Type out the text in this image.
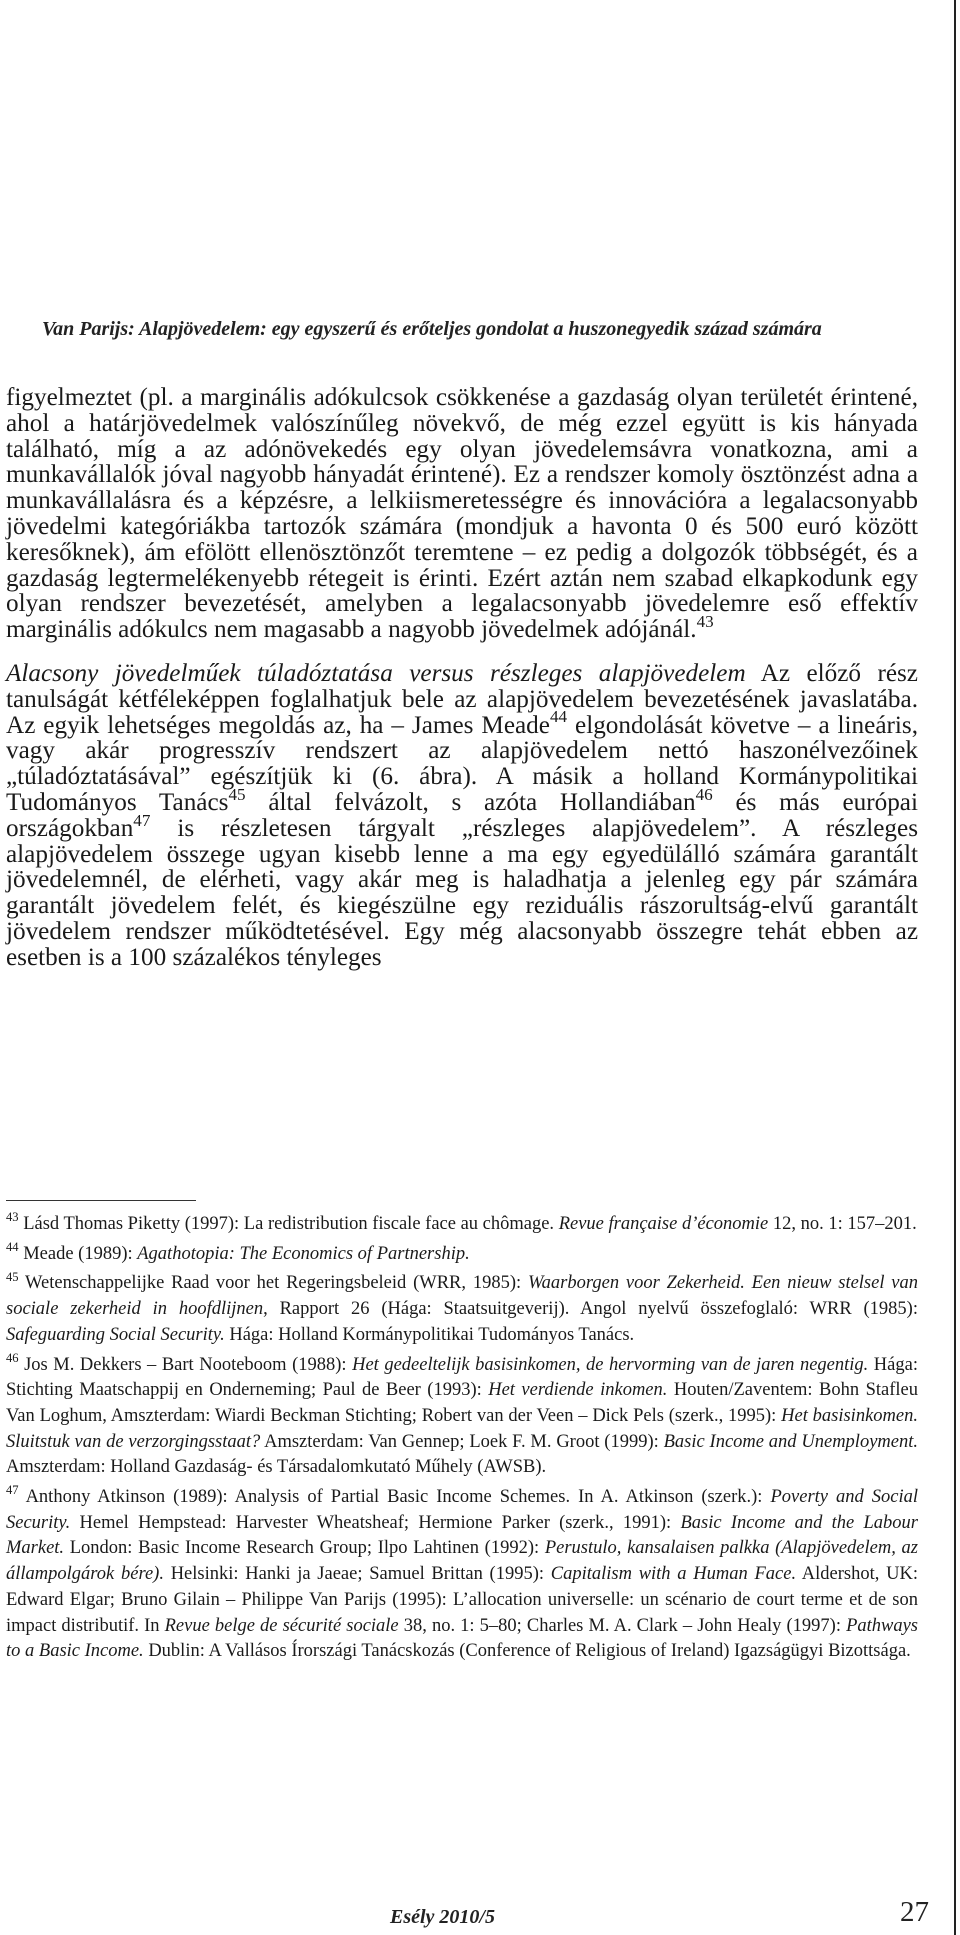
Van Parijs: Alapjövedelem: egy egyszerű és erőteljes gondolat a huszonegyedik század számára

figyelmeztet (pl. a marginális adókulcsok csökkenése a gazdaság olyan területét érintené, ahol a határjövedelmek valószínűleg növekvő, de még ezzel együtt is kis hányada található, míg a az adónövekedés egy olyan jövedelemsávra vonatkozna, ami a munkavállalók jóval nagyobb hányadát érintené). Ez a rendszer komoly ösztönzést adna a munkavállalásra és a képzésre, a lelkiismeretességre és innovációra a legalacsonyabb jövedelmi kategóriákba tartozók számára (mondjuk a havonta 0 és 500 euró között keresőknek), ám efölött ellenösztönzőt teremtene – ez pedig a dolgozók többségét, és a gazdaság legtermelékenyebb rétegeit is érinti. Ezért aztán nem szabad elkapkodunk egy olyan rendszer bevezetését, amelyben a legalacsonyabb jövedelemre eső effektív marginális adókulcs nem magasabb a nagyobb jövedelmek adójánál.$^{43}$

Alacsony jövedelműek túladóztatása versus részleges alapjövedelem Az előző rész tanulságát kétféleképpen foglalhatjuk bele az alapjövedelem bevezetésének javaslatába. Az egyik lehetséges megoldás az, ha – James Meade$^{44}$ elgondolását követve – a lineáris, vagy akár progresszív rendszert az alapjövedelem nettó haszonélvezőinek „túladóztatásával” egészítjük ki (6. ábra). A másik a holland Kormánypolitikai Tudományos Tanács$^{45}$ által felvázolt, s azóta Hollandiában$^{46}$ és más európai országokban$^{47}$ is részletesen tárgyalt „részleges alapjövedelem”. A részleges alapjövedelem összege ugyan kisebb lenne a ma egy egyedülálló számára garantált jövedelemnél, de elérheti, vagy akár meg is haladhatja a jelenleg egy pár számára garantált jövedelem felét, és kiegészülne egy reziduális rászorultság-elvű garantált jövedelem rendszer működtetésével. Egy még alacsonyabb összegre tehát ebben az esetben is a 100 százalékos tényleges

$^{43}$ Lásd Thomas Piketty (1997): La redistribution fiscale face au chômage. Revue française d’économie 12, no. 1: 157–201.

$^{44}$ Meade (1989): Agathotopia: The Economics of Partnership.

$^{45}$ Wetenschappelijke Raad voor het Regeringsbeleid (WRR, 1985): Waarborgen voor Zekerheid. Een nieuw stelsel van sociale zekerheid in hoofdlijnen, Rapport 26 (Hága: Staatsuitgeverij). Angol nyelvű összefoglaló: WRR (1985): Safeguarding Social Security. Hága: Holland Kormánypolitikai Tudományos Tanács.

$^{46}$ Jos M. Dekkers – Bart Nooteboom (1988): Het gedeeltelijk basisinkomen, de hervorming van de jaren negentig. Hága: Stichting Maatschappij en Onderneming; Paul de Beer (1993): Het verdiende inkomen. Houten/Zaventem: Bohn Stafleu Van Loghum, Amszterdam: Wiardi Beckman Stichting; Robert van der Veen – Dick Pels (szerk., 1995): Het basisinkomen. Sluitstuk van de verzorgingsstaat? Amszterdam: Van Gennep; Loek F. M. Groot (1999): Basic Income and Unemployment. Amszterdam: Holland Gazdaság- és Társadalomkutató Műhely (AWSB).

$^{47}$ Anthony Atkinson (1989): Analysis of Partial Basic Income Schemes. In A. Atkinson (szerk.): Poverty and Social Security. Hemel Hempstead: Harvester Wheatsheaf; Hermione Parker (szerk., 1991): Basic Income and the Labour Market. London: Basic Income Research Group; Ilpo Lahtinen (1992): Perustulo, kansalaisen palkka (Alapjövedelem, az állampolgárok bére). Helsinki: Hanki ja Jaeae; Samuel Brittan (1995): Capitalism with a Human Face. Aldershot, UK: Edward Elgar; Bruno Gilain – Philippe Van Parijs (1995): L’allocation universelle: un scénario de court terme et de son impact distributif. In Revue belge de sécurité sociale 38, no. 1: 5–80; Charles M. A. Clark – John Healy (1997): Pathways to a Basic Income. Dublin: A Vallásos Írországi Tanácskozás (Conference of Religious of Ireland) Igazságügyi Bizottsága.

Esély 2010/5	27
